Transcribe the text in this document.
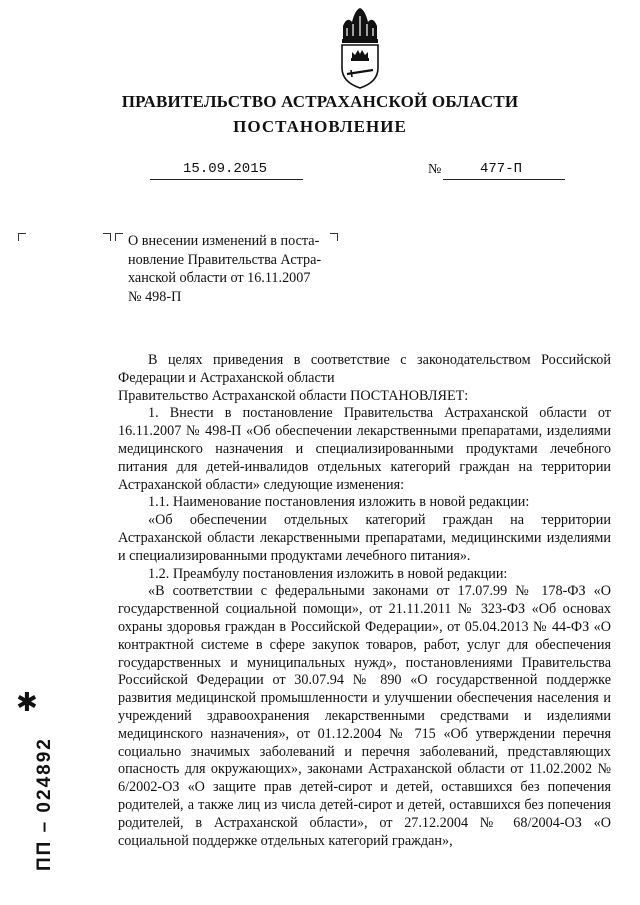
ПРАВИТЕЛЬСТВО АСТРАХАНСКОЙ ОБЛАСТИ
ПОСТАНОВЛЕНИЕ
15.09.2015	№	477-П
О внесении изменений в поста-
новление Правительства Астра-
ханской области от 16.11.2007
№ 498-П

В целях приведения в соответствие с законодательством Российской Федерации и Астраханской области

Правительство Астраханской области ПОСТАНОВЛЯЕТ:

1. Внести в постановление Правительства Астраханской области от 16.11.2007 № 498-П «Об обеспечении лекарственными препаратами, изделиями медицинского назначения и специализированными продуктами лечебного питания для детей-инвалидов отдельных категорий граждан на территории Астраханской области» следующие изменения:

1.1. Наименование постановления изложить в новой редакции:

«Об обеспечении отдельных категорий граждан на территории Астраханской области лекарственными препаратами, медицинскими изделиями и специализированными продуктами лечебного питания».

1.2. Преамбулу постановления изложить в новой редакции:

«В соответствии с федеральными законами от 17.07.99 № 178-ФЗ «О государственной социальной помощи», от 21.11.2011 № 323-ФЗ «Об основах охраны здоровья граждан в Российской Федерации», от 05.04.2013 № 44-ФЗ «О контрактной системе в сфере закупок товаров, работ, услуг для обеспечения государственных и муниципальных нужд», постановлениями Правительства Российской Федерации от 30.07.94 № 890 «О государственной поддержке развития медицинской промышленности и улучшении обеспечения населения и учреждений здравоохранения лекарственными средствами и изделиями медицинского назначения», от 01.12.2004 № 715 «Об утверждении перечня социально значимых заболеваний и перечня заболеваний, представляющих опасность для окружающих», законами Астраханской области от 11.02.2002 № 6/2002-ОЗ «О защите прав детей-сирот и детей, оставшихся без попечения родителей, а также лиц из числа детей-сирот и детей, оставшихся без попечения родителей, в Астраханской области», от 27.12.2004 № 68/2004-ОЗ «О социальной поддержке отдельных категорий граждан»,

ПП – 024892
✱
